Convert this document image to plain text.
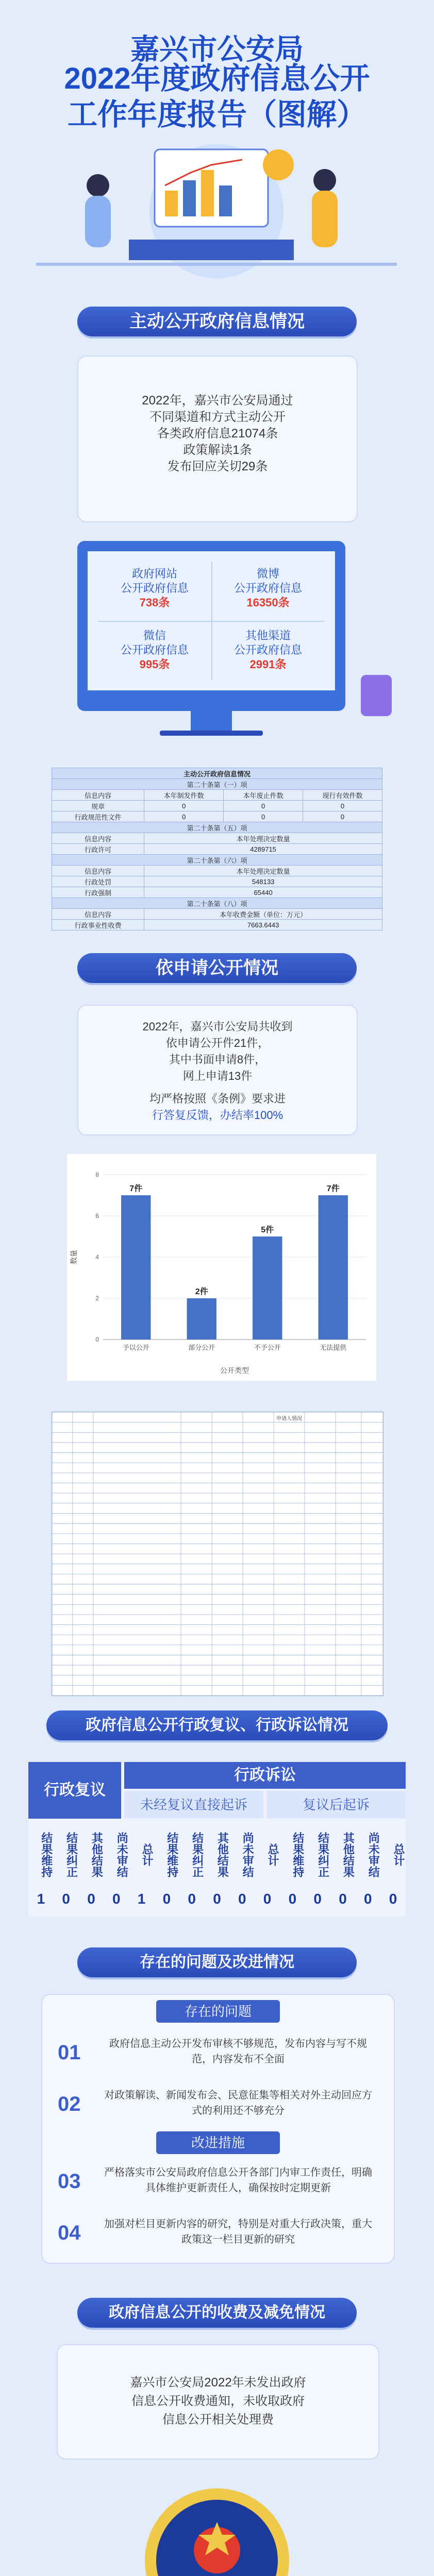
嘉兴市公安局
2022年度政府信息公开工作年度报告（图解）
主动公开政府信息情况
2022年，嘉兴市公安局通过
不同渠道和方式主动公开
各类政府信息21074条
政策解读1条
发布回应关切29条
政府网站
公开政府信息
738条
微博
公开政府信息
16350条
微信
公开政府信息
995条
其他渠道
公开政府信息
2991条
主动公开政府信息情况			
第二十条第（一）项			
信息内容	本年制发件数	本年废止件数	现行有效件数
规章	0	0	0
行政规范性文件	0	0	0
第二十条第（五）项			
信息内容	本年处理决定数量		
行政许可	4289715		
第二十条第（六）项			
信息内容	本年处理决定数量		
行政处罚	548133		
行政强制	65440		
第二十条第（八）项			
信息内容	本年收费金额（单位：万元）		
行政事业性收费	7663.6443		
依申请公开情况
2022年，嘉兴市公安局共收到
依申请公开件21件，
其中书面申请8件，
网上申请13件
均严格按照《条例》要求进
行答复反馈，办结率100%
0
2
4
6
8
7件
予以公开
2件
部分公开
5件
不予公开
7件
无法提供
数量
公开类型
申请人情况
政府信息公开行政复议、行政诉讼情况
行政复议
行政诉讼
未经复议直接起诉	复议后起诉
结果维持	结果纠正	其他结果	尚未审结	总计	结果维持	结果纠正	其他结果	尚未审结	总计	结果维持	结果纠正	其他结果	尚未审结	总计
1	0	0	0	1	0	0	0	0	0	0	0	0	0	0
存在的问题及改进情况
存在的问题
改进措施
01	政府信息主动公开发布审核不够规范，发布内容与写不规范，内容发布不全面
02 对政策解读、新闻发布会、民意征集等相关对外主动回应方式的利用还不够充分
03 严格落实市公安局政府信息公开各部门内审工作责任，明确具体维护更新责任人，确保按时定期更新
04 加强对栏目更新内容的研究，特别是对重大行政决策，重大政策这一栏目更新的研究
政府信息公开的收费及减免情况
嘉兴市公安局2022年未发出政府
信息公开收费通知，未收取政府
信息公开相关处理费
